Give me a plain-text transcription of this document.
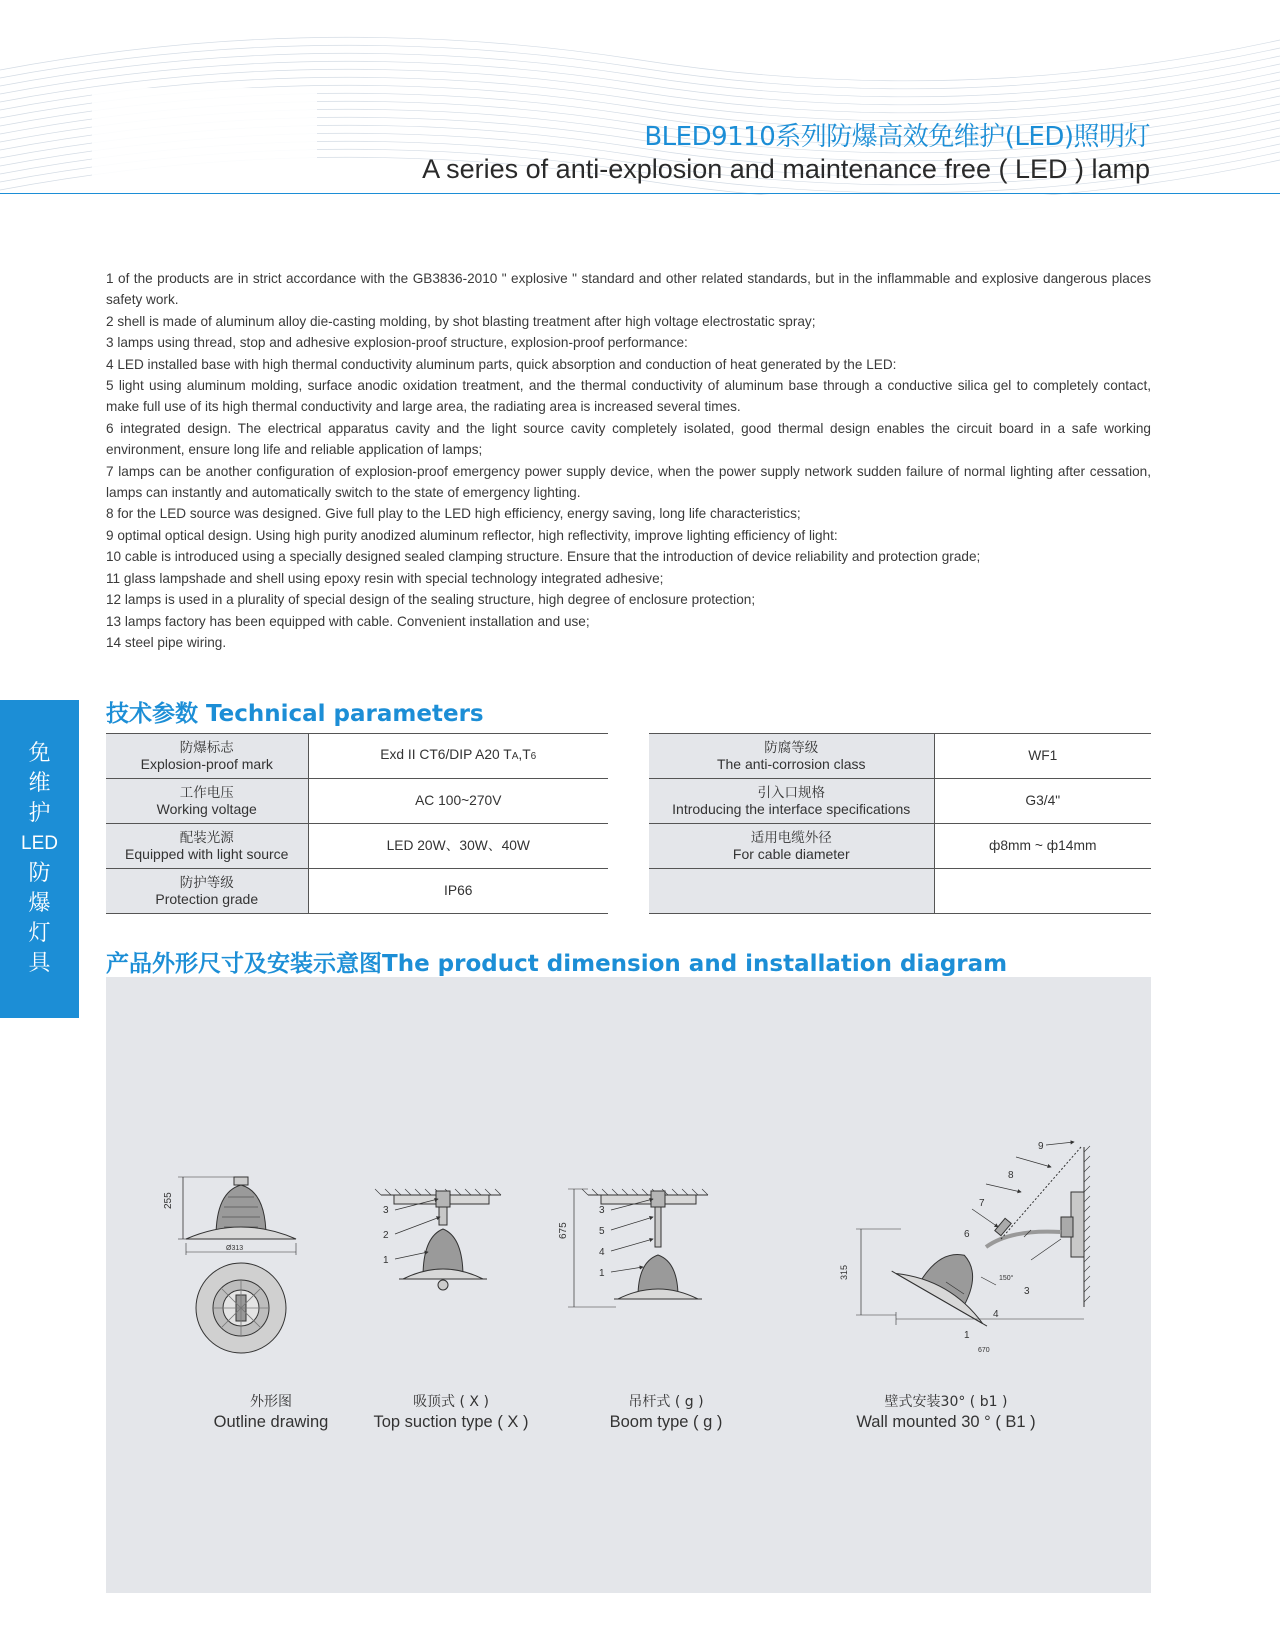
BLED9110系列防爆高效免维护(LED)照明灯
A series of anti-explosion and maintenance free ( LED ) lamp

1 of the products are in strict accordance with the GB3836-2010 " explosive " standard and other related standards, but in the inflammable and explosive dangerous places safety work.

2 shell is made of aluminum alloy die-casting molding, by shot blasting treatment after high voltage electrostatic spray;

3 lamps using thread, stop and adhesive explosion-proof structure, explosion-proof performance:

4 LED installed base with high thermal conductivity aluminum parts, quick absorption and conduction of heat generated by the LED:

5 light using aluminum molding, surface anodic oxidation treatment, and the thermal conductivity of aluminum base through a conductive silica gel to completely contact, make full use of its high thermal conductivity and large area, the radiating area is increased several times.

6 integrated design. The electrical apparatus cavity and the light source cavity completely isolated, good thermal design enables the circuit board in a safe working environment, ensure long life and reliable application of lamps;

7 lamps can be another configuration of explosion-proof emergency power supply device, when the power supply network sudden failure of normal lighting after cessation, lamps can instantly and automatically switch to the state of emergency lighting.

8 for the LED source was designed. Give full play to the LED high efficiency, energy saving, long life characteristics;

9 optimal optical design. Using high purity anodized aluminum reflector, high reflectivity, improve lighting efficiency of light:

10 cable is introduced using a specially designed sealed clamping structure. Ensure that the introduction of device reliability and protection grade;

11 glass lampshade and shell using epoxy resin with special technology integrated adhesive;

12 lamps is used in a plurality of special design of the sealing structure, high degree of enclosure protection;

13 lamps factory has been equipped with cable. Convenient installation and use;

14 steel pipe wiring.

免
维
护
LED
防
爆
灯
具
技术参数 Technical parameters
防爆标志
Explosion-proof mark	Exd II CT6/DIP A20 TA,T6

工作电压
Working voltage	AC 100~270V

配装光源
Equipped with light source	LED 20W、30W、40W

防护等级
Protection grade	IP66
防腐等级
The anti-corrosion class	WF1

引入口规格
Introducing the interface specifications	G3/4"

适用电缆外径
For cable diameter	ф8mm ~ ф14mm

产品外形尺寸及安装示意图The product dimension and installation diagram
255
Ø313
3
2
1
675
3
5
4
1
9
8
7
6
315	150°
3
4
1
670
外形图
Outline drawing
吸顶式 ( X )
Top suction type ( X )
吊杆式 ( g )
Boom type ( g )
壁式安装30° ( b1 )
Wall mounted 30 ° ( B1 )
